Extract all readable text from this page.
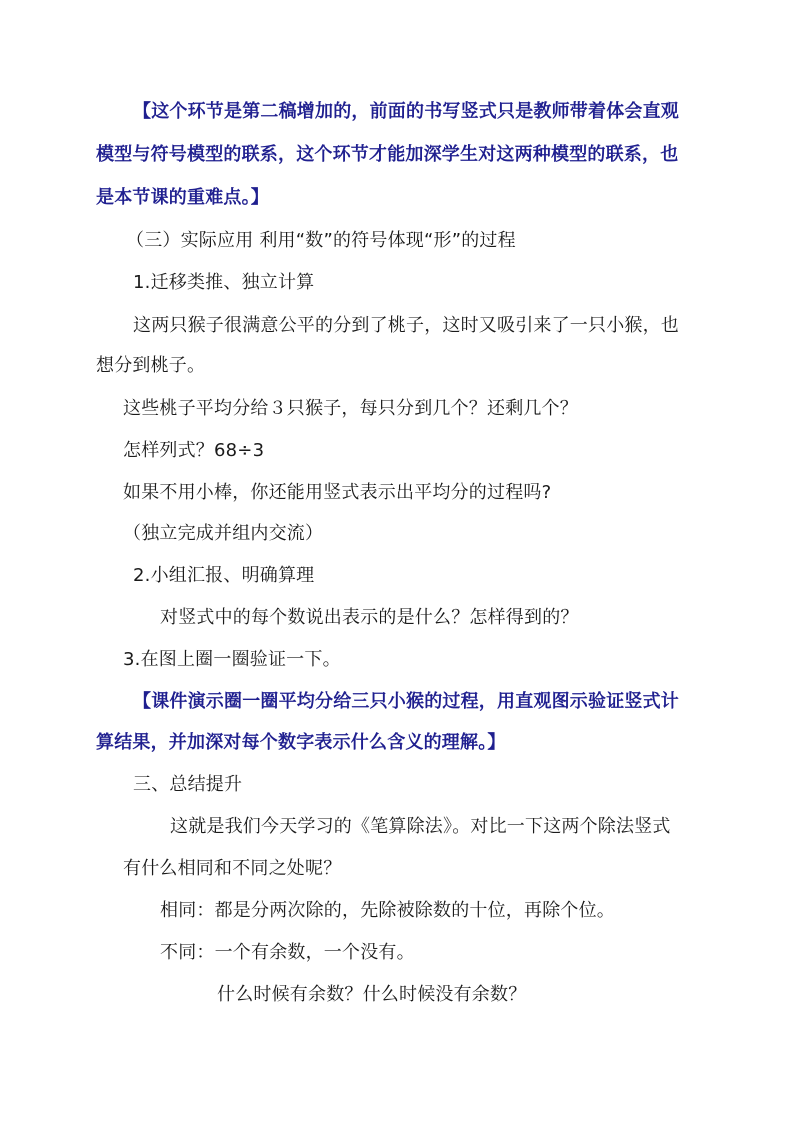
【这个环节是第二稿增加的，前面的书写竖式只是教师带着体会直观
模型与符号模型的联系，这个环节才能加深学生对这两种模型的联系，也
是本节课的重难点。】
（三）实际应用 利用“数”的符号体现“形”的过程
1.迁移类推、独立计算
这两只猴子很满意公平的分到了桃子，这时又吸引来了一只小猴，也
想分到桃子。
这些桃子平均分给３只猴子，每只分到几个？还剩几个？
怎样列式？68÷3
如果不用小棒，你还能用竖式表示出平均分的过程吗?
（独立完成并组内交流）
2.小组汇报、明确算理
对竖式中的每个数说出表示的是什么？怎样得到的？
3.在图上圈一圈验证一下。
【课件演示圈一圈平均分给三只小猴的过程，用直观图示验证竖式计
算结果，并加深对每个数字表示什么含义的理解。】
三、总结提升
这就是我们今天学习的《笔算除法》。对比一下这两个除法竖式
有什么相同和不同之处呢？
相同：都是分两次除的，先除被除数的十位，再除个位。
不同：一个有余数，一个没有。
什么时候有余数？什么时候没有余数？
